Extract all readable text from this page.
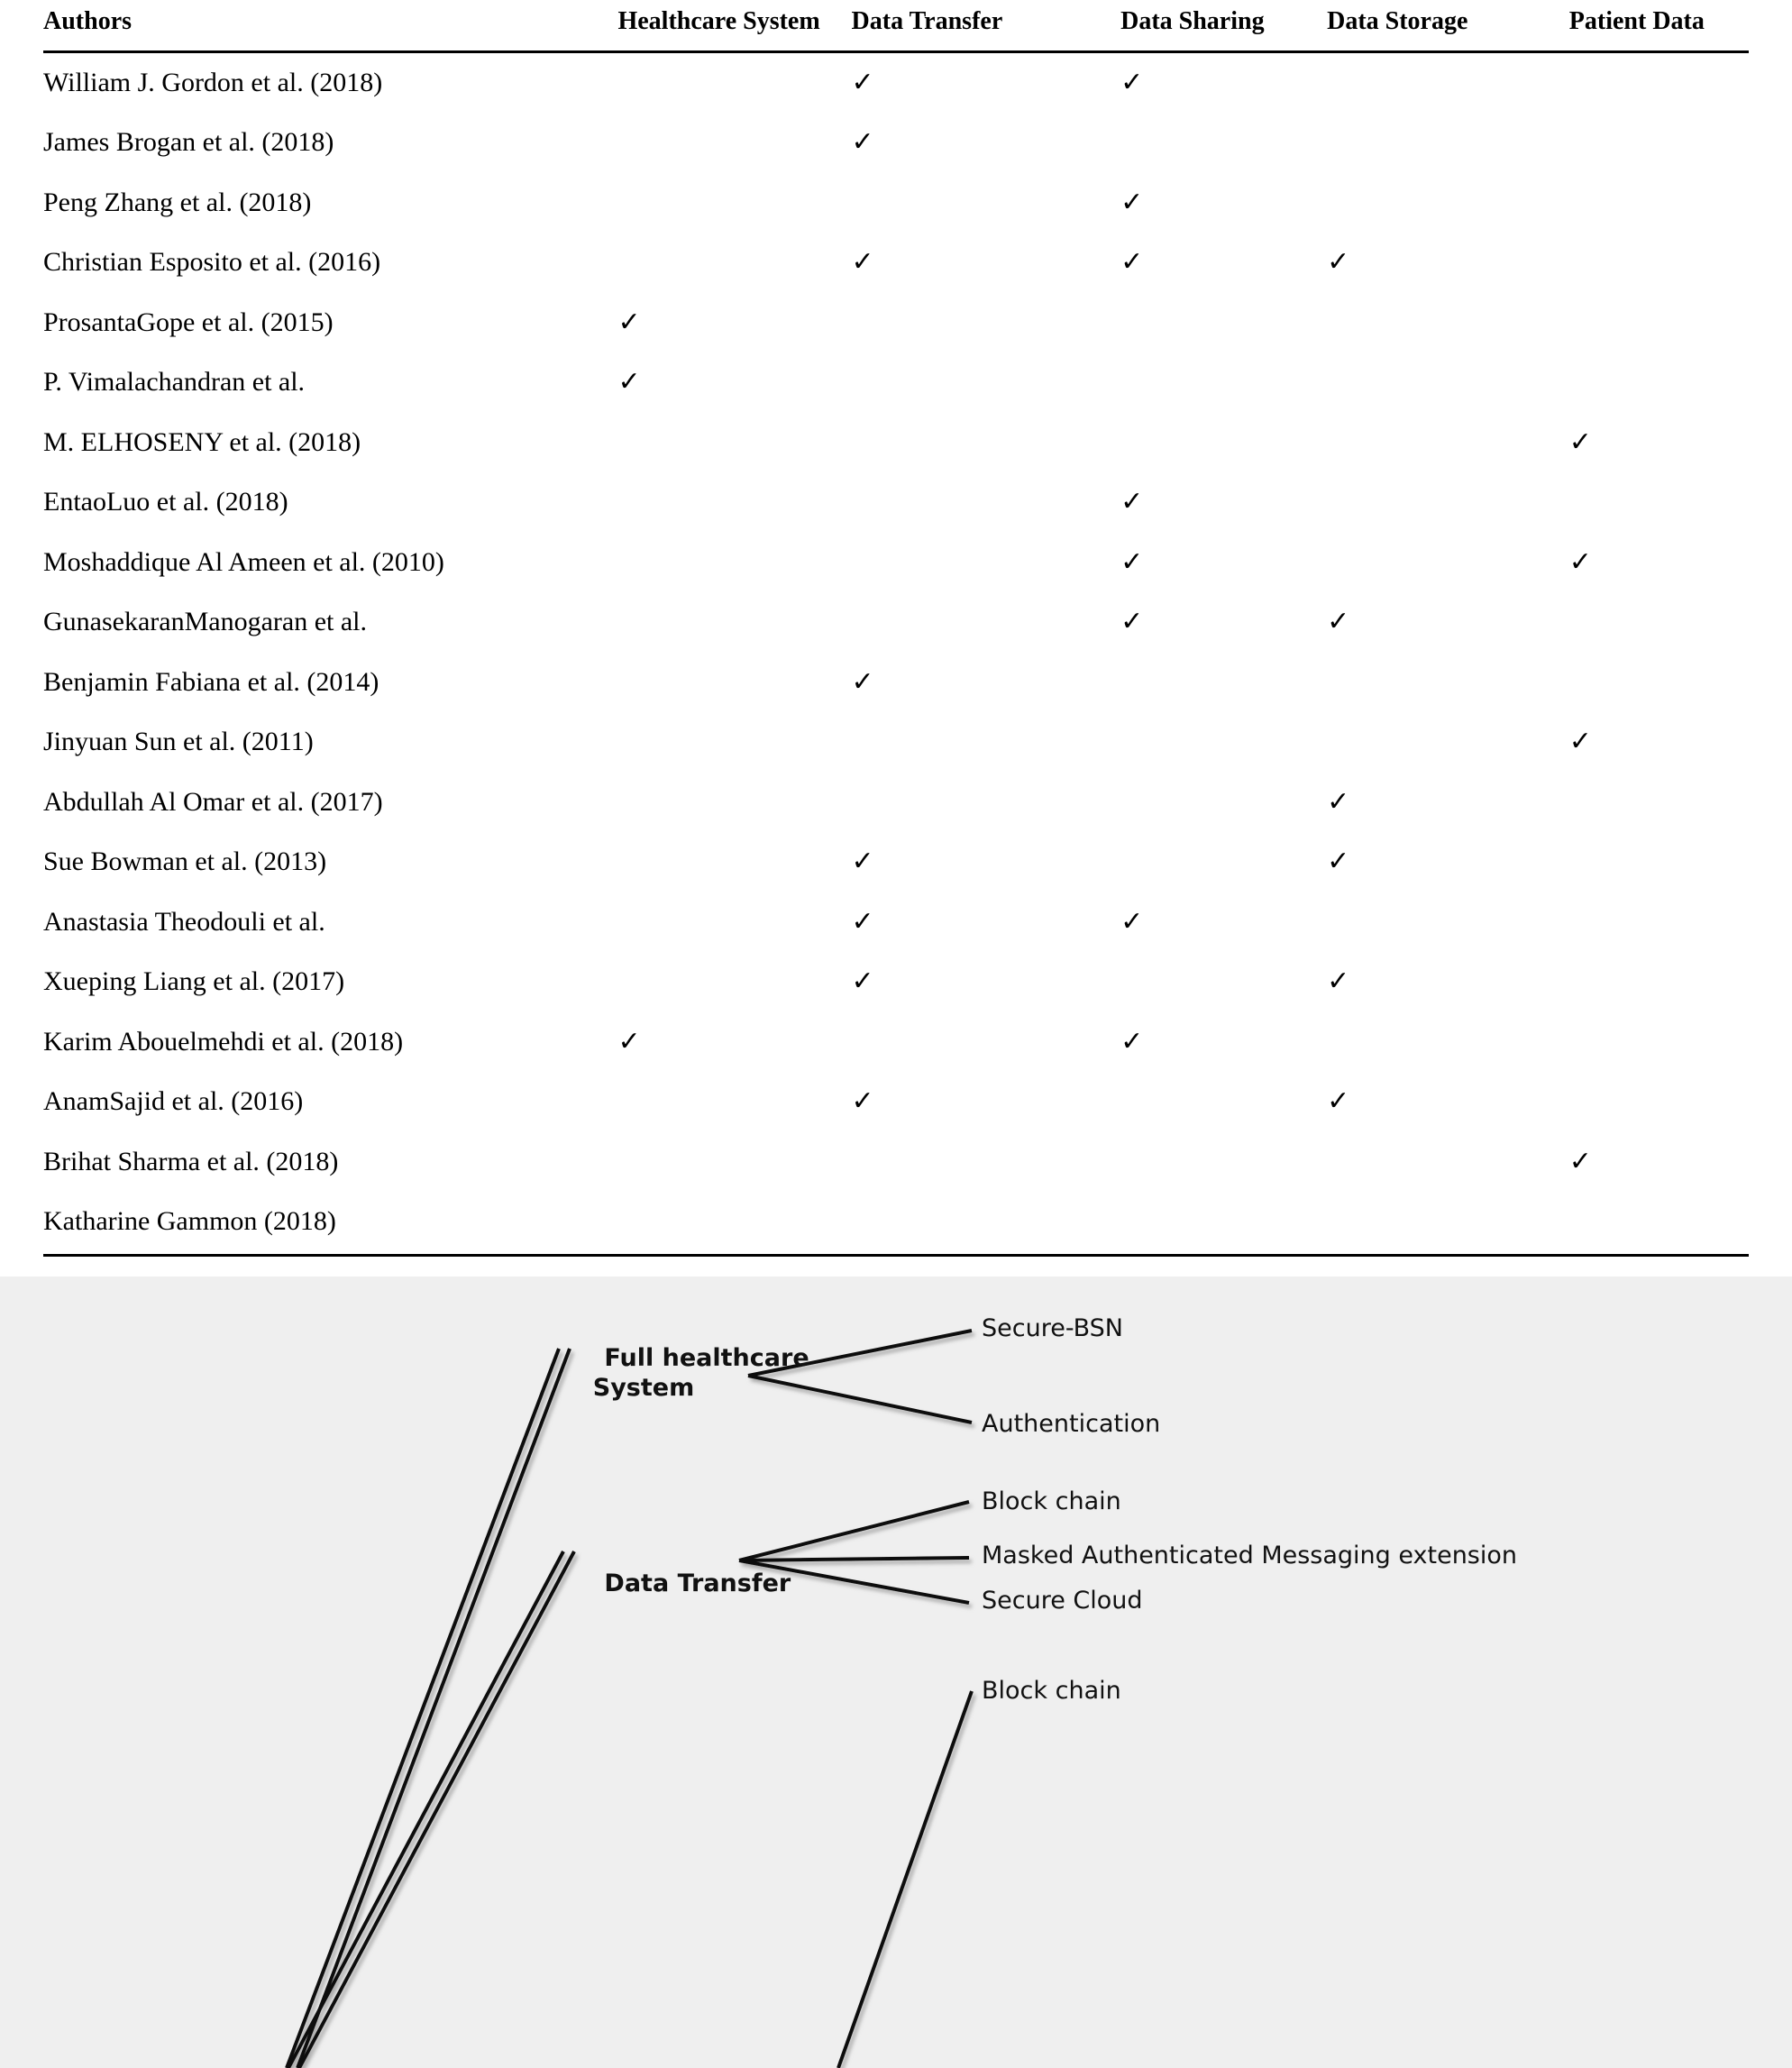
Authors	Healthcare System	Data Transfer	Data Sharing	Data Storage	Patient Data
William J. Gordon et al. (2018)		✓	✓		
James Brogan et al. (2018)		✓			
Peng Zhang et al. (2018)			✓		
Christian Esposito et al. (2016)		✓	✓	✓	
ProsantaGope et al. (2015)	✓				
P. Vimalachandran et al.	✓				
M. ELHOSENY et al. (2018)					✓
EntaoLuo et al. (2018)			✓		
Moshaddique Al Ameen et al. (2010)			✓		✓
GunasekaranManogaran et al.			✓	✓	
Benjamin Fabiana et al. (2014)		✓			
Jinyuan Sun et al. (2011)					✓
Abdullah Al Omar et al. (2017)				✓	
Sue Bowman et al. (2013)		✓		✓	
Anastasia Theodouli et al.		✓	✓		
Xueping Liang et al. (2017)		✓		✓	
Karim Abouelmehdi et al. (2018)	✓		✓		
AnamSajid et al. (2016)		✓		✓	
Brihat Sharma et al. (2018)					✓
Katharine Gammon (2018)					

Full healthcare
System

Data Transfer

Secure-BSN
Authentication
Block chain
Masked Authenticated Messaging extension
Secure Cloud
Block chain
